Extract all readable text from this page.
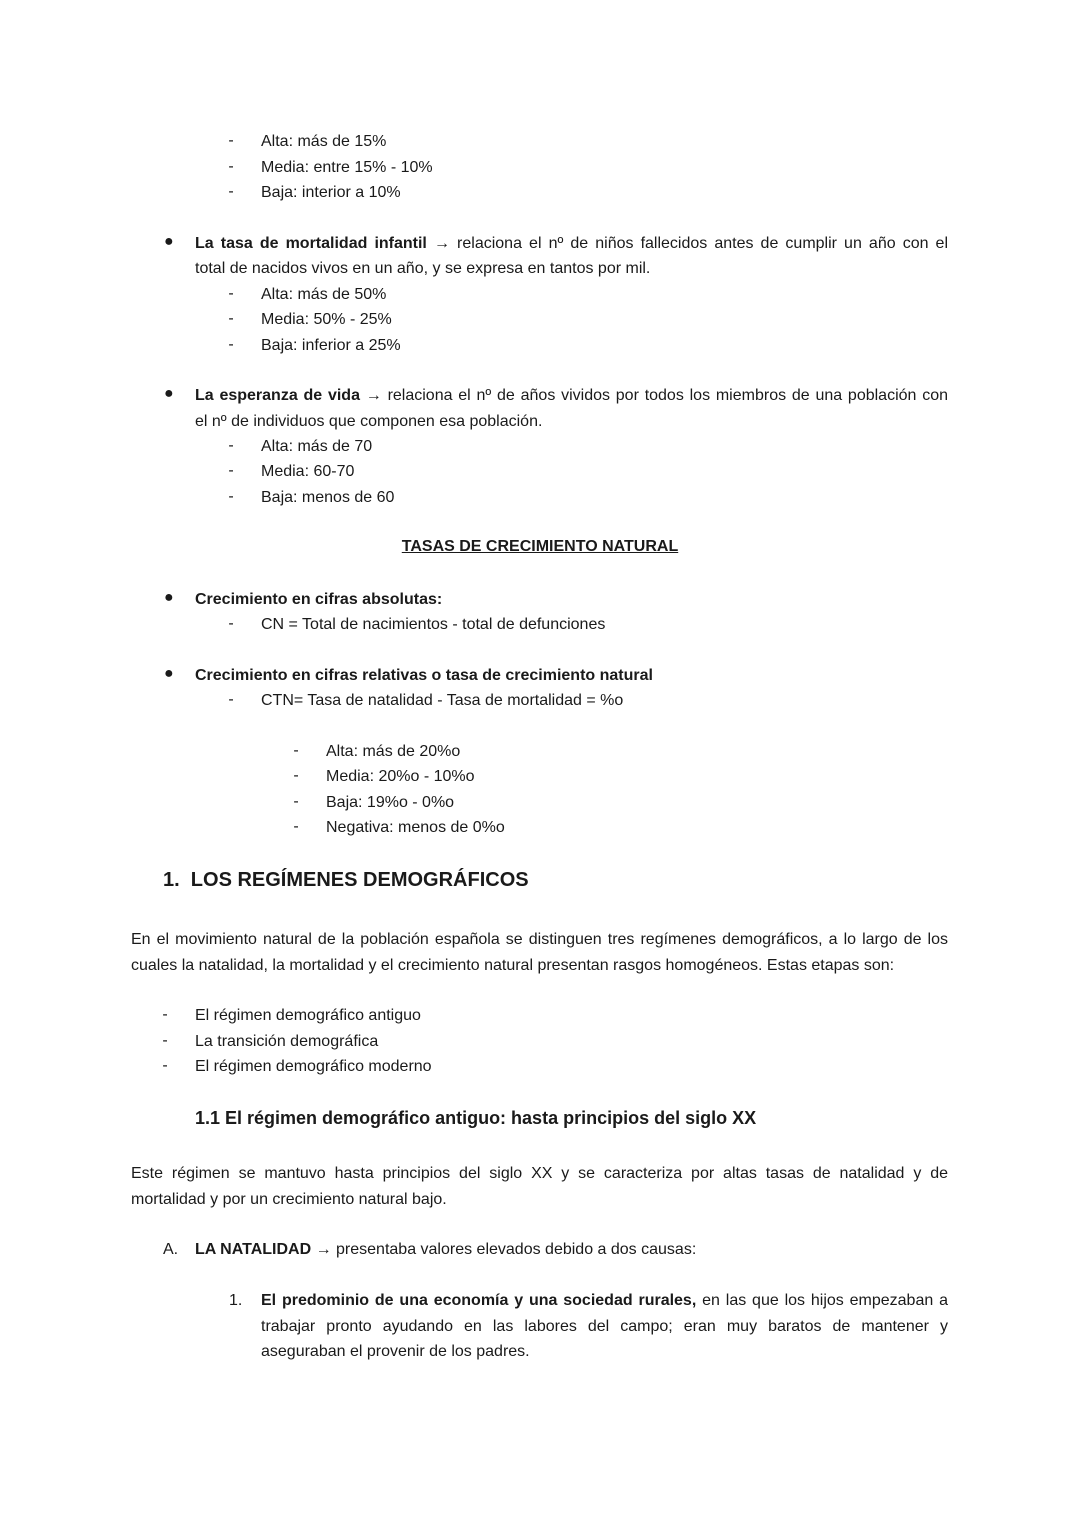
- Alta: más de 15%
- Media: entre 15% - 10%
- Baja: interior a 10%
● La tasa de mortalidad infantil → relaciona el nº de niños fallecidos antes de cumplir un año con el
total de nacidos vivos en un año, y se expresa en tantos por mil.
- Alta: más de 50%
- Media: 50% - 25%
- Baja: inferior a 25%
● La esperanza de vida → relaciona el nº de años vividos por todos los miembros de una población con
el nº de individuos que componen esa población.
- Alta: más de 70
- Media: 60-70
- Baja: menos de 60
TASAS DE CRECIMIENTO NATURAL
● Crecimiento en cifras absolutas:
- CN = Total de nacimientos - total de defunciones
● Crecimiento en cifras relativas o tasa de crecimiento natural
- CTN= Tasa de natalidad - Tasa de mortalidad = %o
- Alta: más de 20%o
- Media: 20%o - 10%o
- Baja: 19%o - 0%o
- Negativa: menos de 0%o
1.  LOS REGÍMENES DEMOGRÁFICOS
En el movimiento natural de la población española se distinguen tres regímenes demográficos, a lo largo de los
cuales la natalidad, la mortalidad y el crecimiento natural presentan rasgos homogéneos. Estas etapas son:
- El régimen demográfico antiguo
- La transición demográfica
- El régimen demográfico moderno
1.1 El régimen demográfico antiguo: hasta principios del siglo XX
Este régimen se mantuvo hasta principios del siglo XX y se caracteriza por altas tasas de natalidad y de
mortalidad y por un crecimiento natural bajo.
A. LA NATALIDAD → presentaba valores elevados debido a dos causas:
1. El predominio de una economía y una sociedad rurales, en las que los hijos empezaban a
trabajar pronto ayudando en las labores del campo; eran muy baratos de mantener y
aseguraban el provenir de los padres.
